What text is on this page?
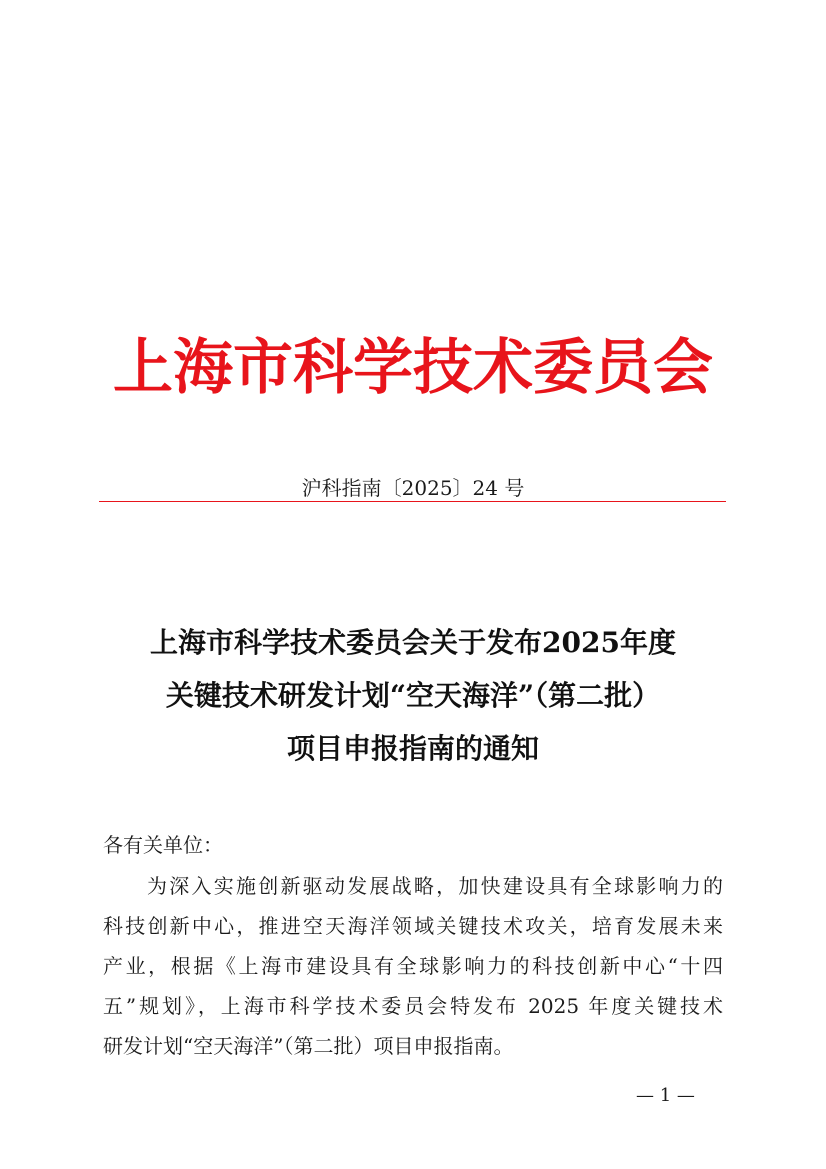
上海市科学技术委员会
沪科指南〔2025〕24 号
上海市科学技术委员会关于发布2025年度
关键技术研发计划“空天海洋”（第二批）
项目申报指南的通知
各有关单位：
为深入实施创新驱动发展战略，加快建设具有全球影响力的
科技创新中心，推进空天海洋领域关键技术攻关，培育发展未来
产业，根据《上海市建设具有全球影响力的科技创新中心“十四
五”规划》，上海市科学技术委员会特发布 2025 年度关键技术
研发计划“空天海洋”（第二批）项目申报指南。
— 1 —
